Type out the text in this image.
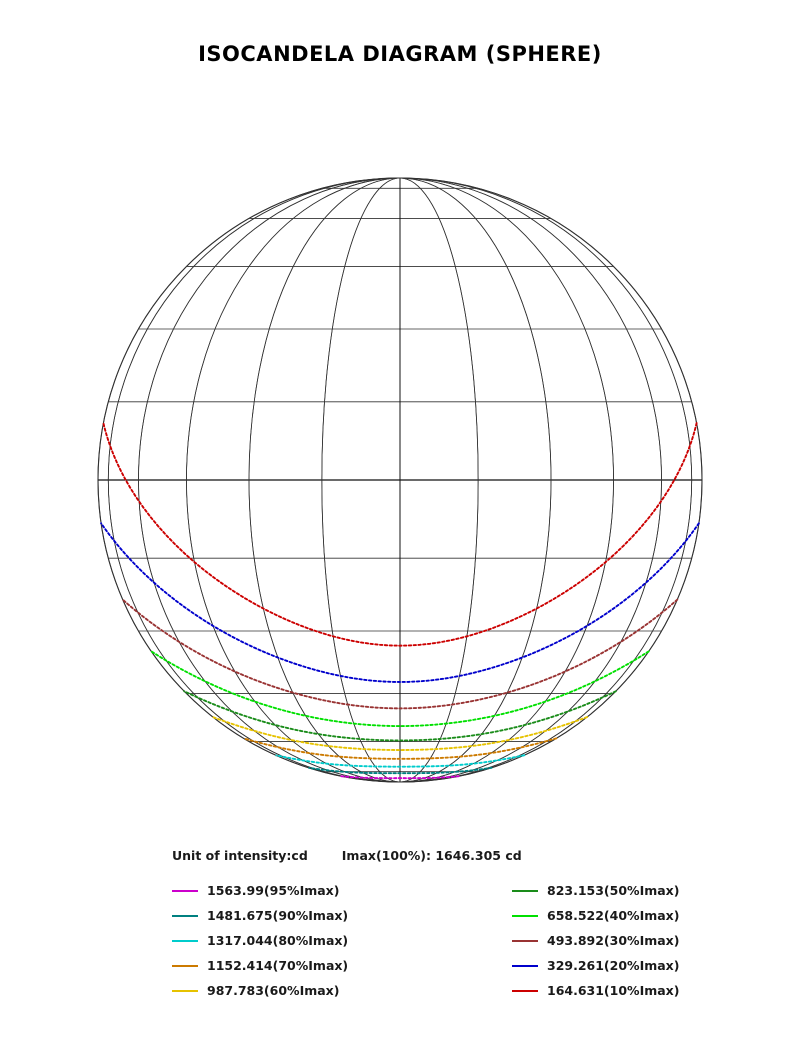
ISOCANDELA DIAGRAM (SPHERE)
Unit of intensity:cd	Imax(100%): 1646.305 cd
1563.99(95%Imax)
1481.675(90%Imax)
1317.044(80%Imax)
1152.414(70%Imax)
987.783(60%Imax)
823.153(50%Imax)
658.522(40%Imax)
493.892(30%Imax)
329.261(20%Imax)
164.631(10%Imax)
